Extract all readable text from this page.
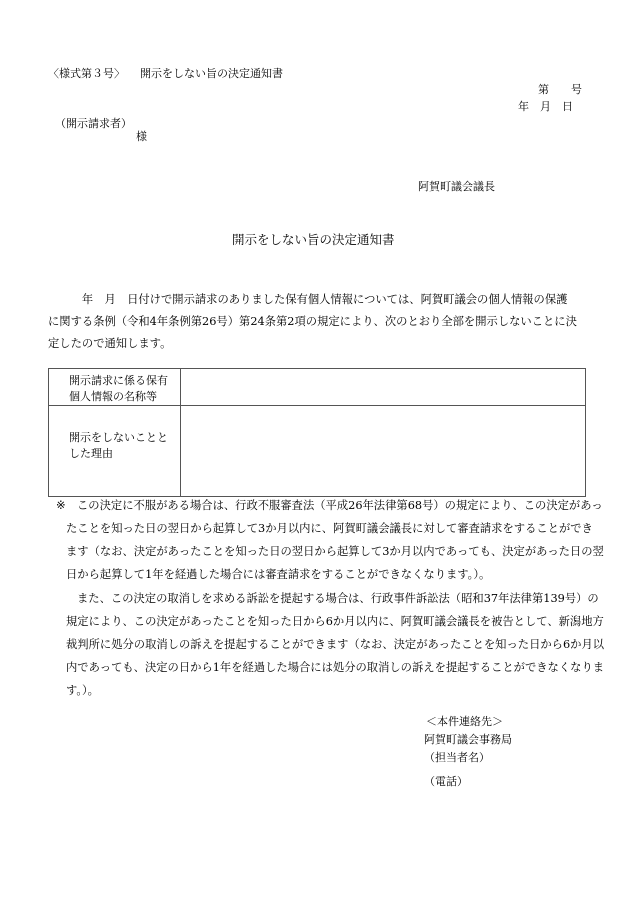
〈様式第３号〉 開示をしない旨の決定通知書
第　　号
年　月　日
（開示請求者）
様
阿賀町議会議長
開示をしない旨の決定通知書
　　　年　月　日付けで開示請求のありました保有個人情報については、阿賀町議会の個人情報の保護
に関する条例（令和4年条例第26号）第24条第2項の規定により、次のとおり全部を開示しないことに決
定したので通知します。
開示請求に係る保有
個人情報の名称等	

開示をしないことと
した理由	

※ この決定に不服がある場合は、行政不服審査法（平成26年法律第68号）の規定により、この決定があっ
たことを知った日の翌日から起算して3か月以内に、阿賀町議会議長に対して審査請求をすることができ
ます（なお、決定があったことを知った日の翌日から起算して3か月以内であっても、決定があった日の翌
日から起算して1年を経過した場合には審査請求をすることができなくなります。）。
また、この決定の取消しを求める訴訟を提起する場合は、行政事件訴訟法（昭和37年法律第139号）の
規定により、この決定があったことを知った日から6か月以内に、阿賀町議会議長を被告として、新潟地方
裁判所に処分の取消しの訴えを提起することができます（なお、決定があったことを知った日から6か月以
内であっても、決定の日から1年を経過した場合には処分の取消しの訴えを提起することができなくなりま
す。）。
＜本件連絡先＞
阿賀町議会事務局
（担当者名）
（電話）
